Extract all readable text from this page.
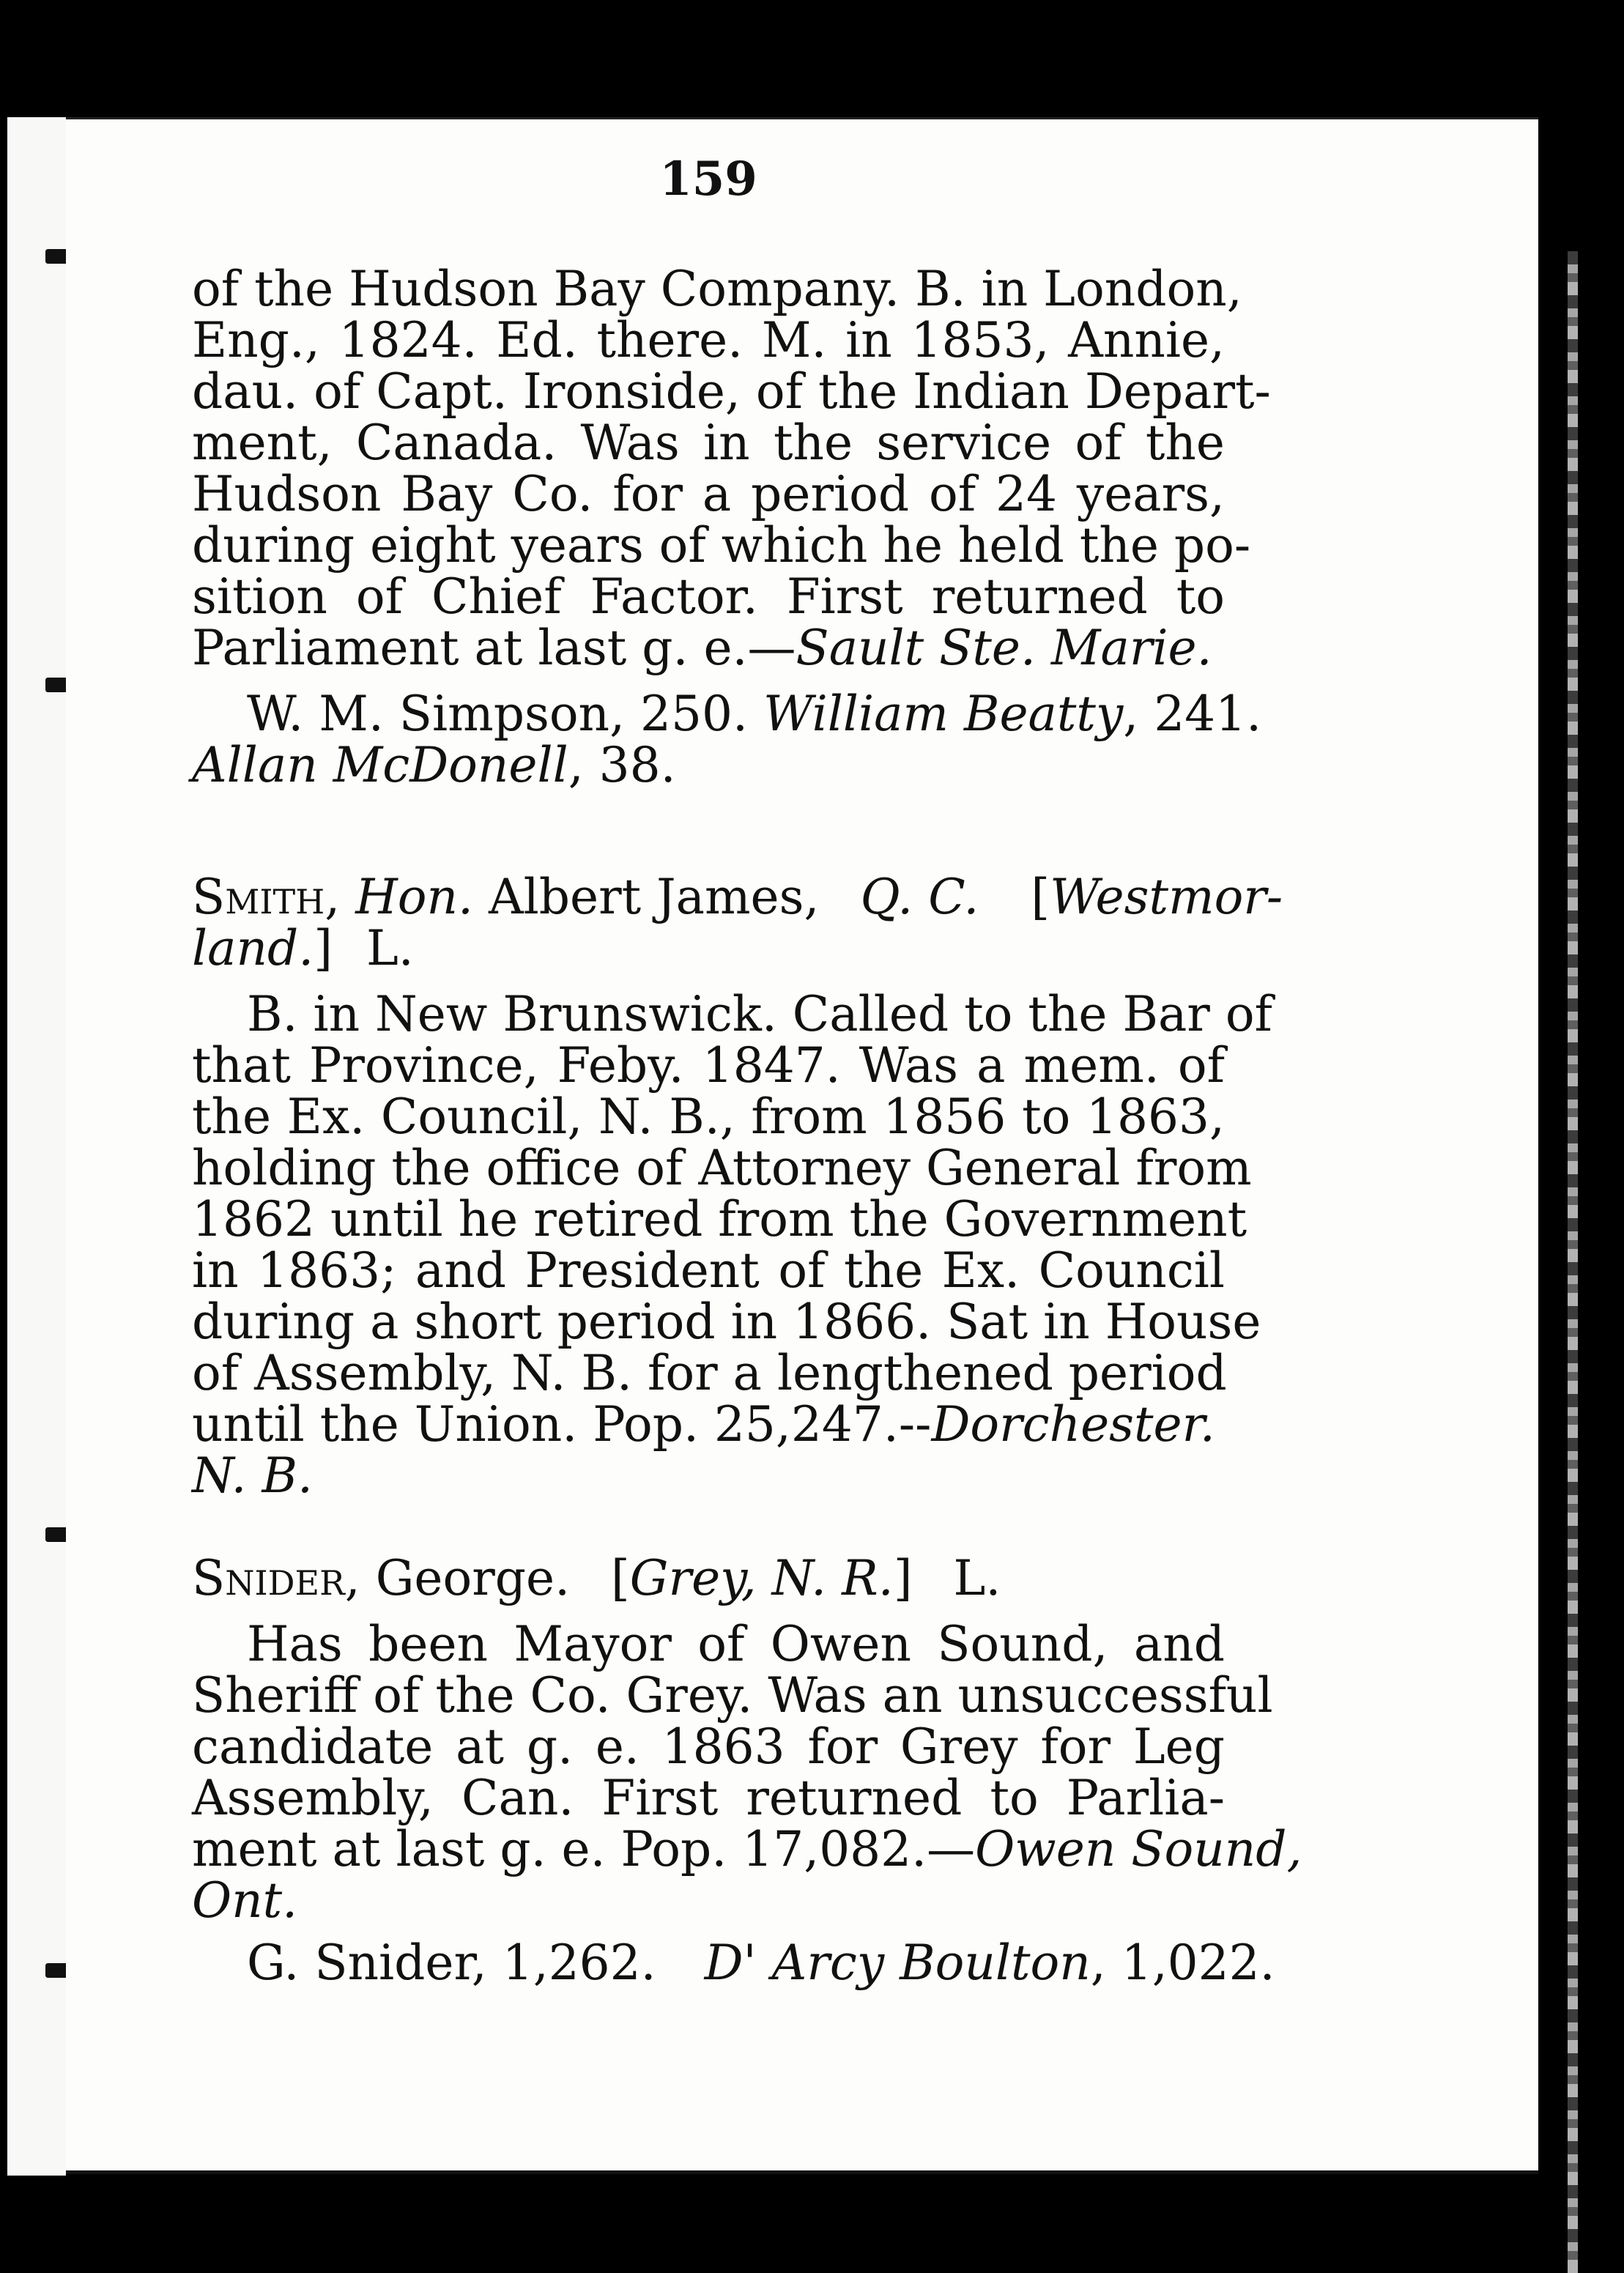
159
of the Hudson Bay Company. B. in London,
Eng., 1824. Ed. there. M. in 1853, Annie,
dau. of Capt. Ironside, of the Indian Depart-
ment, Canada. Was in the service of the
Hudson Bay Co. for a period of 24 years,
during eight years of which he held the po-
sition of Chief Factor. First returned to
Parliament at last g. e.—Sault Ste. Marie.
W. M. Simpson, 250. William Beatty, 241.
Allan McDonell, 38.
Smith, Hon. Albert James, Q. C. [Westmor-
land.] L.
B. in New Brunswick. Called to the Bar of
that Province, Feby. 1847. Was a mem. of
the Ex. Council, N. B., from 1856 to 1863,
holding the office of Attorney General from
1862 until he retired from the Government
in 1863; and President of the Ex. Council
during a short period in 1866. Sat in House
of Assembly, N. B. for a lengthened period
until the Union. Pop. 25,247.--Dorchester.
N. B.
Snider, George. [Grey, N. R.] L.
Has been Mayor of Owen Sound, and
Sheriff of the Co. Grey. Was an unsuccessful
candidate at g. e. 1863 for Grey for Leg
Assembly, Can. First returned to Parlia-
ment at last g. e. Pop. 17,082.—Owen Sound,
Ont.
G. Snider, 1,262. D' Arcy Boulton, 1,022.
